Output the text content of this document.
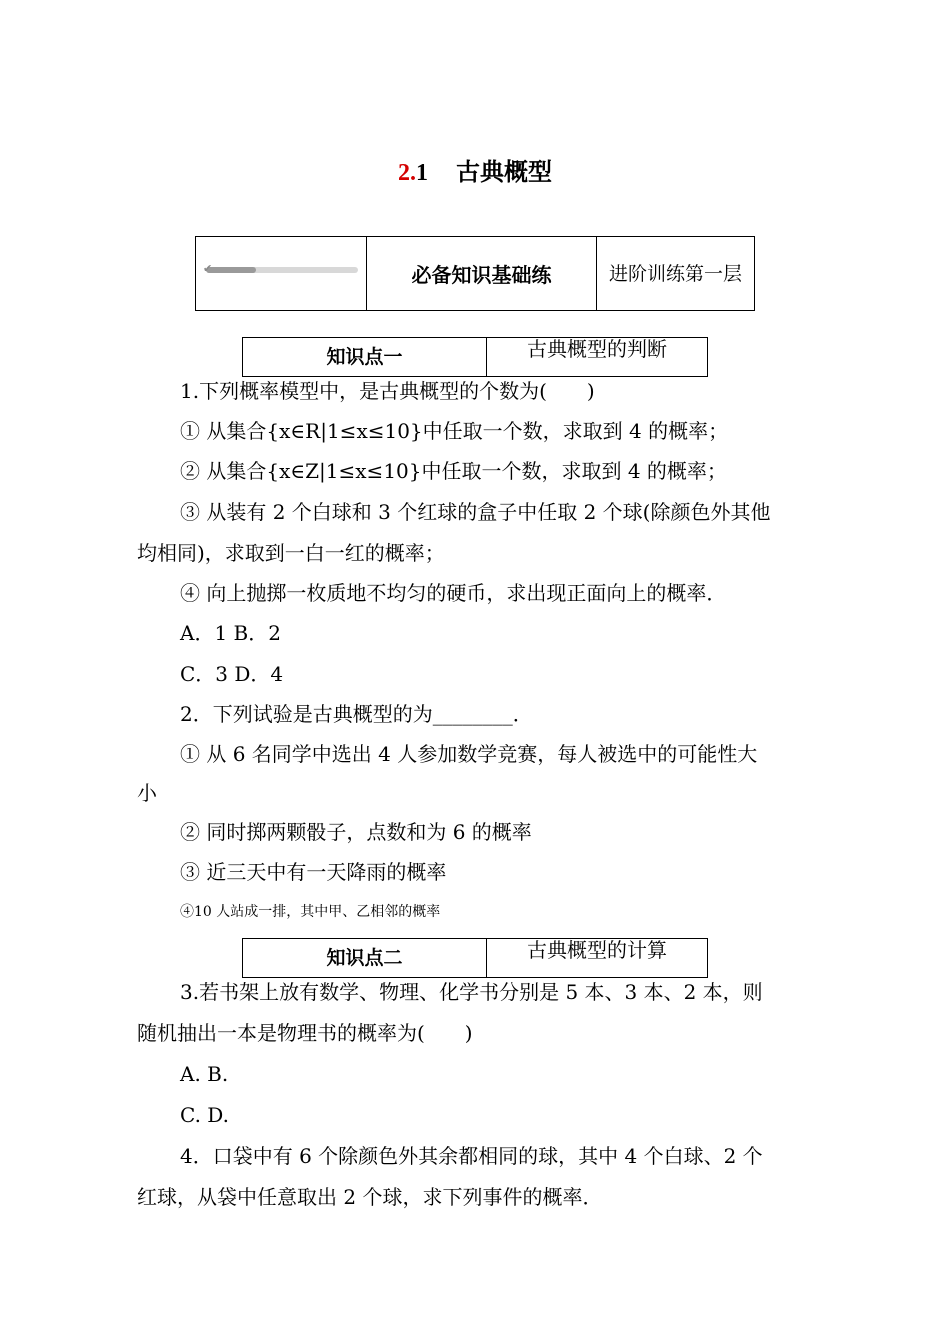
2.1 古典概型
✔	必备知识基础练	进阶训练第一层
知识点一	古典概型的判断
1.下列概率模型中，是古典概型的个数为(　　)
① 从集合{x∈R|1≤x≤10}中任取一个数，求取到 4 的概率；
② 从集合{x∈Z|1≤x≤10}中任取一个数，求取到 4 的概率；
③ 从装有 2 个白球和 3 个红球的盒子中任取 2 个球(除颜色外其他
均相同)，求取到一白一红的概率；
④ 向上抛掷一枚质地不均匀的硬币，求出现正面向上的概率．
A．1 B．2
C．3 D．4
2．下列试验是古典概型的为________．
① 从 6 名同学中选出 4 人参加数学竞赛，每人被选中的可能性大
小
② 同时掷两颗骰子，点数和为 6 的概率
③ 近三天中有一天降雨的概率
④10 人站成一排，其中甲、乙相邻的概率
知识点二	古典概型的计算
3.若书架上放有数学、物理、化学书分别是 5 本、3 本、2 本，则
随机抽出一本是物理书的概率为(　　)
A. B.
C. D.
4．口袋中有 6 个除颜色外其余都相同的球，其中 4 个白球、2 个
红球，从袋中任意取出 2 个球，求下列事件的概率．
